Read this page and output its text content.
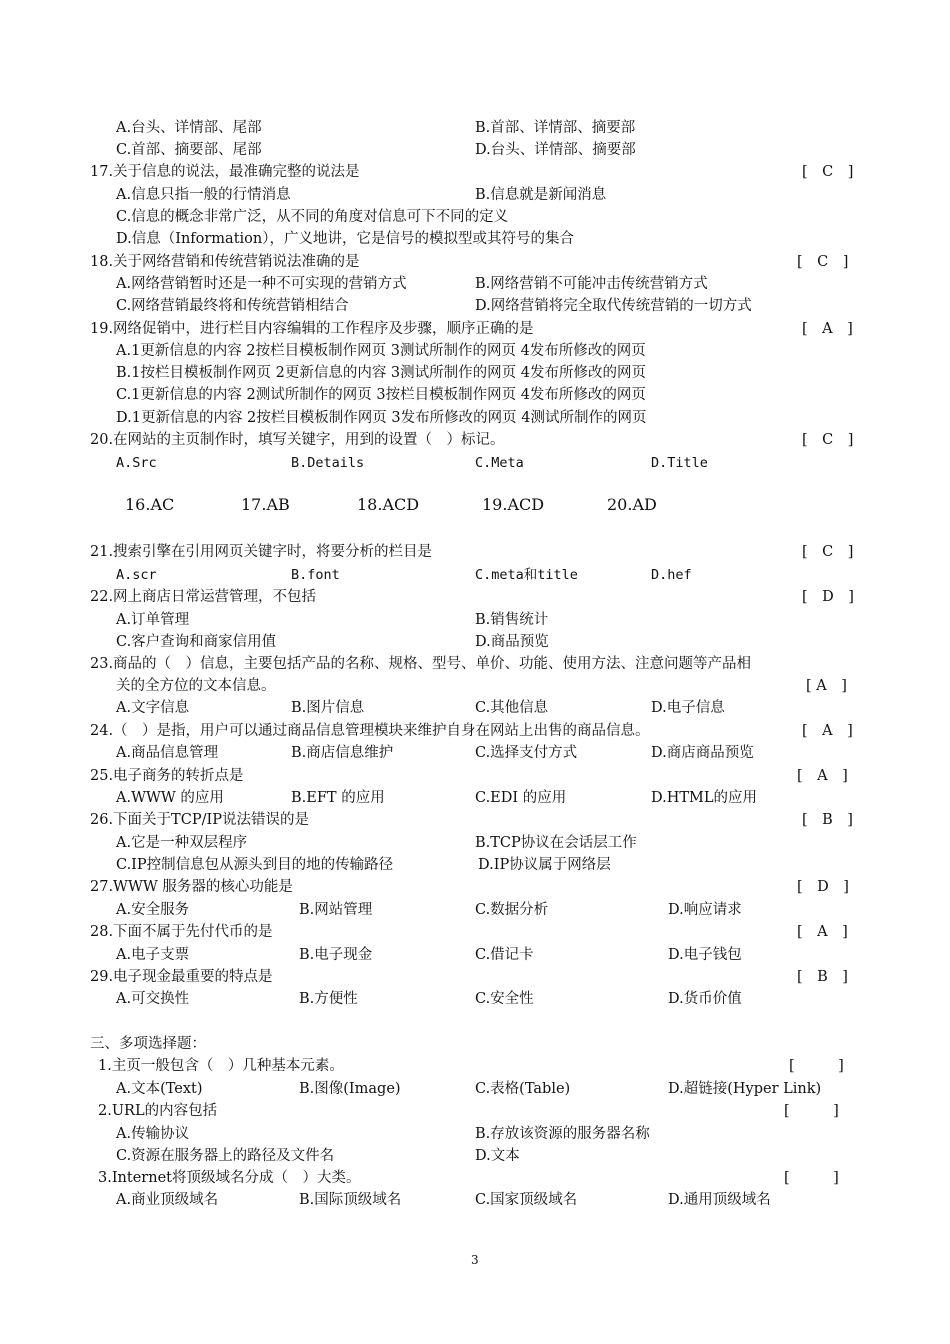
A.台头、详情部、尾部	B.首部、详情部、摘要部
C.首部、摘要部、尾部	D.台头、详情部、摘要部
17.关于信息的说法，最准确完整的说法是	[　C　]
A.信息只指一般的行情消息	B.信息就是新闻消息
C.信息的概念非常广泛，从不同的角度对信息可下不同的定义
D.信息（Information），广义地讲，它是信号的模拟型或其符号的集合
18.关于网络营销和传统营销说法准确的是	[　C　]
A.网络营销暂时还是一种不可实现的营销方式	B.网络营销不可能冲击传统营销方式
C.网络营销最终将和传统营销相结合	D.网络营销将完全取代传统营销的一切方式
19.网络促销中，进行栏目内容编辑的工作程序及步骤，顺序正确的是	[　A　]
A.1更新信息的内容 2按栏目模板制作网页 3测试所制作的网页 4发布所修改的网页
B.1按栏目模板制作网页 2更新信息的内容 3测试所制作的网页 4发布所修改的网页
C.1更新信息的内容 2测试所制作的网页 3按栏目模板制作网页 4发布所修改的网页
D.1更新信息的内容 2按栏目模板制作网页 3发布所修改的网页 4测试所制作的网页
20.在网站的主页制作时，填写关键字，用到的设置（　）标记。	[　C　]
A.Src	B.Details	C.Meta	D.Title
16.AC	17.AB	18.ACD	19.ACD	20.AD
21.搜索引擎在引用网页关键字时，将要分析的栏目是	[　C　]
A.scr	B.font	C.meta和title	D.hef
22.网上商店日常运营管理，不包括	[　D　]
A.订单管理	B.销售统计
C.客户查询和商家信用值	D.商品预览
23.商品的（　）信息，主要包括产品的名称、规格、型号、单价、功能、使用方法、注意问题等产品相
关的全方位的文本信息。	[ A　]
A.文字信息	B.图片信息	C.其他信息	D.电子信息
24.（　）是指，用户可以通过商品信息管理模块来维护自身在网站上出售的商品信息。	[　A　]
A.商品信息管理	B.商店信息维护	C.选择支付方式	D.商店商品预览
25.电子商务的转折点是	[　A　]
A.WWW 的应用	B.EFT 的应用	C.EDI 的应用	D.HTML的应用
26.下面关于TCP/IP说法错误的是	[　B　]
A.它是一种双层程序	B.TCP协议在会话层工作
C.IP控制信息包从源头到目的地的传输路径	D.IP协议属于网络层
27.WWW 服务器的核心功能是	[　D　]
A.安全服务	B.网站管理	C.数据分析	D.响应请求
28.下面不属于先付代币的是	[　A　]
A.电子支票	B.电子现金	C.借记卡	D.电子钱包
29.电子现金最重要的特点是	[　B　]
A.可交换性	B.方便性	C.安全性	D.货币价值
三、多项选择题：
1.主页一般包含（　）几种基本元素。	[　　　]
A.文本(Text)	B.图像(Image)	C.表格(Table)	D.超链接(Hyper Link)
2.URL的内容包括	[　　　]
A.传输协议	B.存放该资源的服务器名称
C.资源在服务器上的路径及文件名	D.文本
3.Internet将顶级域名分成（　）大类。	[　　　]
A.商业顶级域名	B.国际顶级域名	C.国家顶级域名	D.通用顶级域名
3
